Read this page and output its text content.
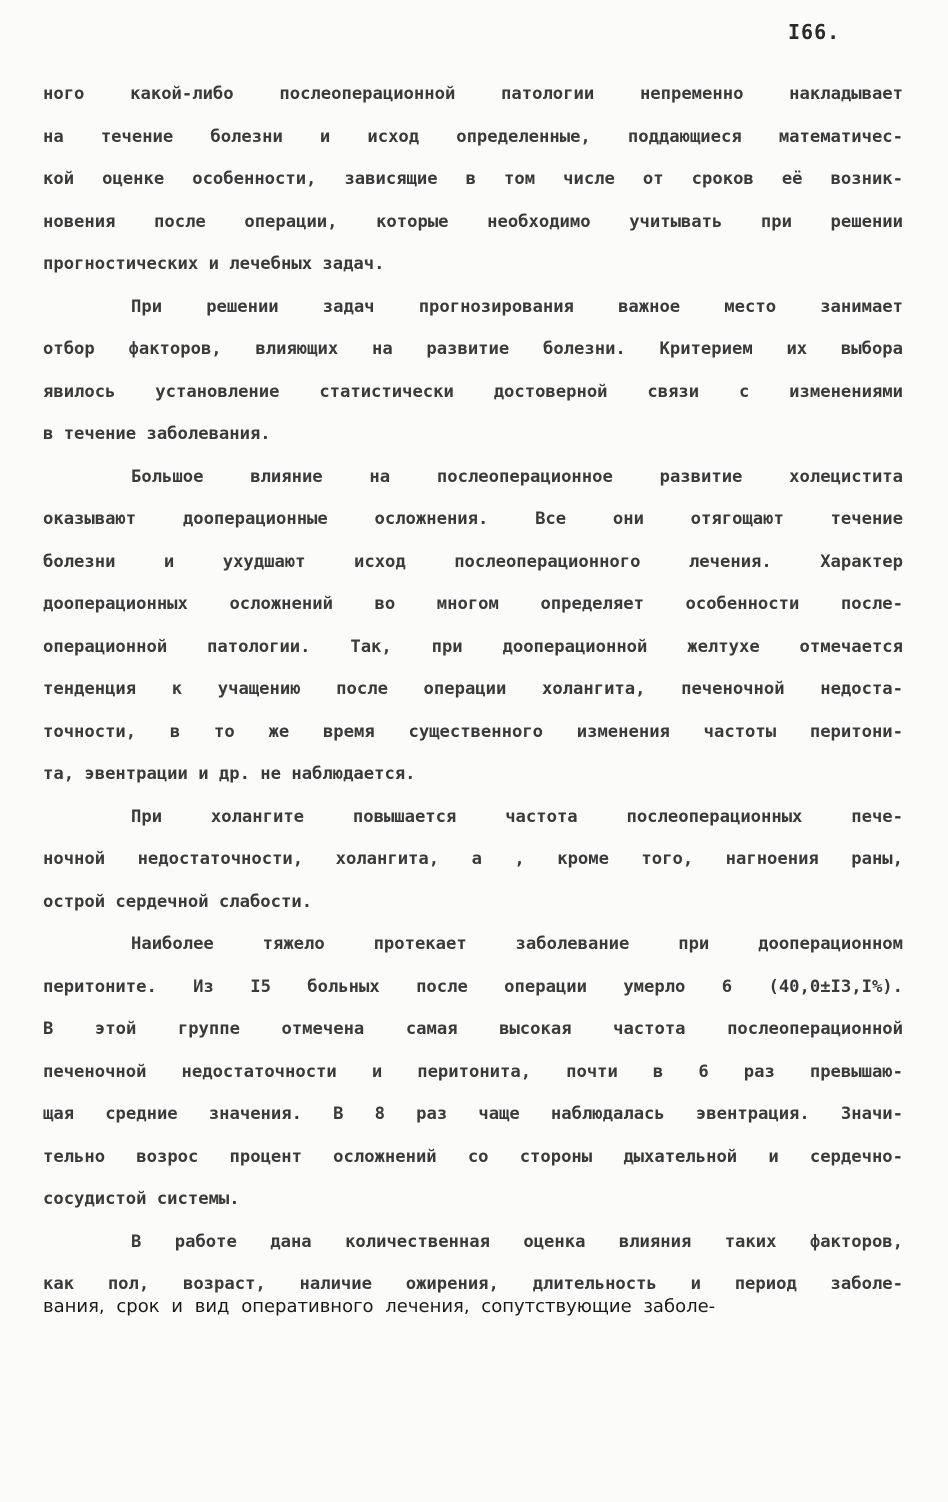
I66.

ного какой-либо послеоперационной патологии непременно накладывает
на течение болезни и исход определенные, поддающиеся математичес-
кой оценке особенности, зависящие в том числе от сроков её возник-
новения после операции, которые необходимо учитывать при решении
прогностических и лечебных задач.
При решении задач прогнозирования важное место занимает
отбор факторов, влияющих на развитие болезни. Критерием их выбора
явилось установление статистически достоверной связи с изменениями
в течение заболевания.
Большое влияние на послеоперационное развитие холецистита
оказывают дооперационные осложнения. Все они отягощают течение
болезни и ухудшают исход послеоперационного лечения. Характер
дооперационных осложнений во многом определяет особенности после-
операционной патологии. Так, при дооперационной желтухе отмечается
тенденция к учащению после операции холангита, печеночной недоста-
точности, в то же время существенного изменения частоты перитони-
та, эвентрации и др. не наблюдается.
При холангите повышается частота послеоперационных пече-
ночной недостаточности, холангита, а , кроме того, нагноения раны,
острой сердечной слабости.
Наиболее тяжело протекает заболевание при дооперационном
перитоните. Из I5 больных после операции умерло 6 (40,0±I3,I%).
В этой группе отмечена самая высокая частота послеоперационной
печеночной недостаточности и перитонита, почти в 6 раз превышаю-
щая средние значения. В 8 раз чаще наблюдалась эвентрация. Значи-
тельно возрос процент осложнений со стороны дыхательной и сердечно-
сосудистой системы.
В работе дана количественная оценка влияния таких факторов,
как пол, возраст, наличие ожирения, длительность и период заболе-

вания, срок и вид оперативного лечения, сопутствующие заболе-
